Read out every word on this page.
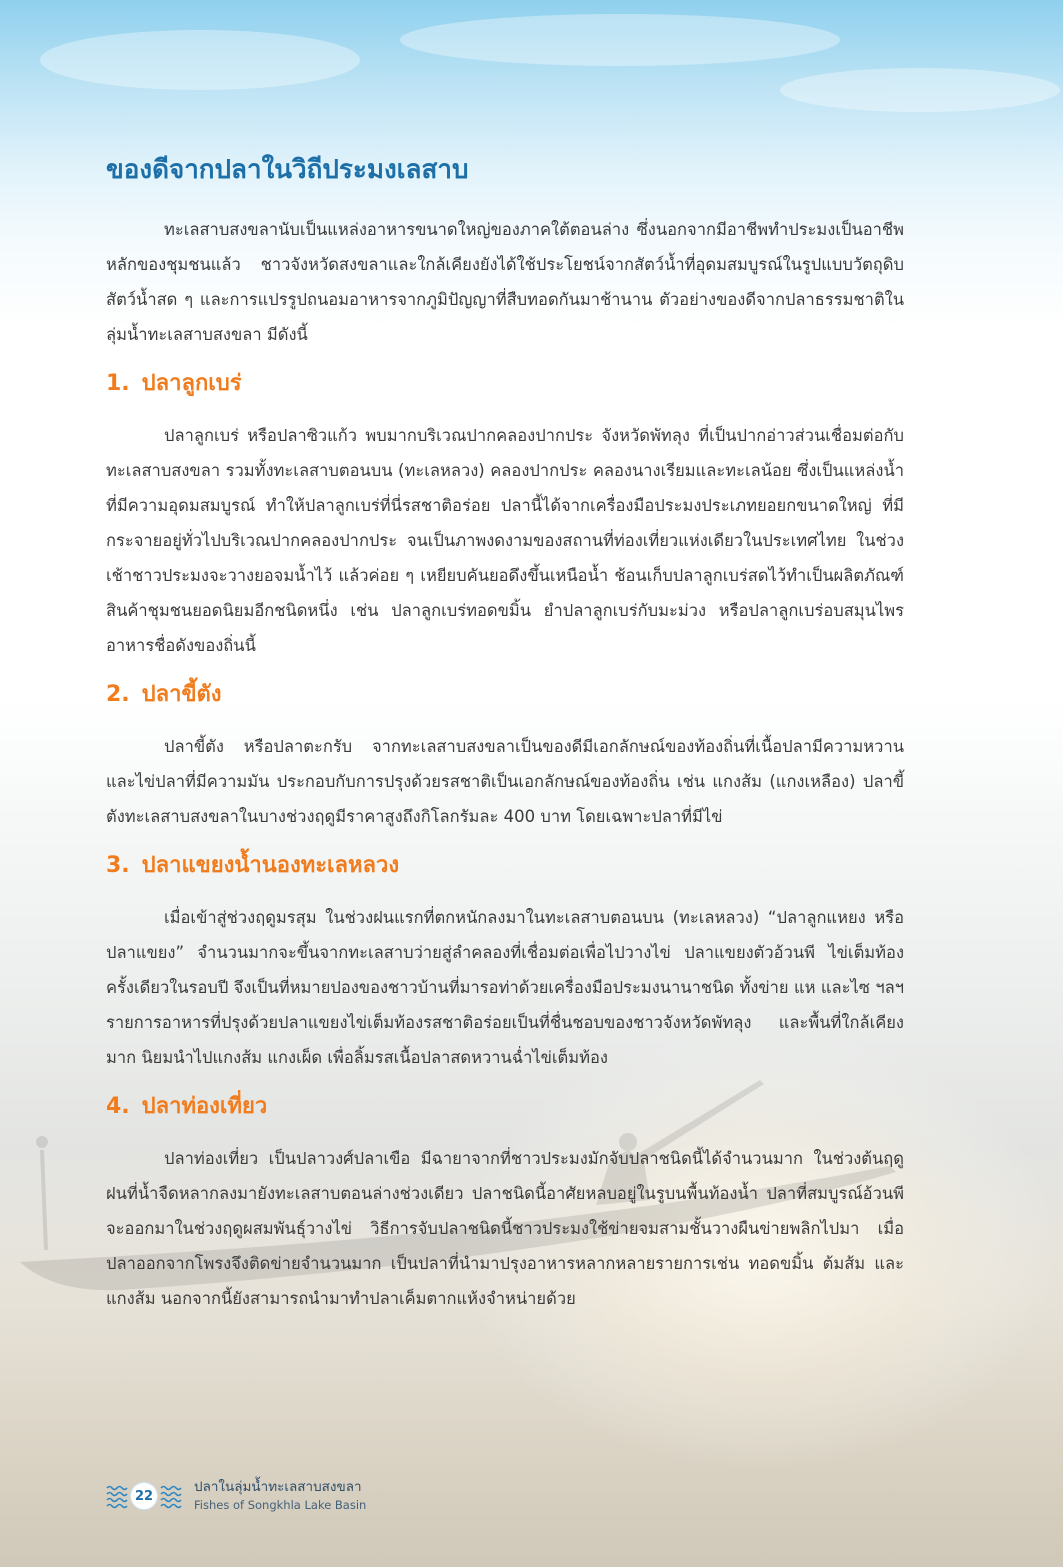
ของดีจากปลาในวิถีประมงเลสาบ

ทะเลสาบสงขลานับเป็นแหล่งอาหารขนาดใหญ่ของภาคใต้ตอนล่าง ซึ่งนอกจากมีอาชีพทำประมงเป็นอาชีพหลักของชุมชนแล้ว ชาวจังหวัดสงขลาและใกล้เคียงยังได้ใช้ประโยชน์จากสัตว์น้ำที่อุดมสมบูรณ์ในรูปแบบวัตถุดิบสัตว์น้ำสด ๆ และการแปรรูปถนอมอาหารจากภูมิปัญญาที่สืบทอดกันมาช้านาน ตัวอย่างของดีจากปลาธรรมชาติในลุ่มน้ำทะเลสาบสงขลา มีดังนี้

1. ปลาลูกเบร่

ปลาลูกเบร่ หรือปลาซิวแก้ว พบมากบริเวณปากคลองปากประ จังหวัดพัทลุง ที่เป็นปากอ่าวส่วนเชื่อมต่อกับทะเลสาบสงขลา รวมทั้งทะเลสาบตอนบน (ทะเลหลวง) คลองปากประ คลองนางเรียมและทะเลน้อย ซึ่งเป็นแหล่งน้ำที่มีความอุดมสมบูรณ์ ทำให้ปลาลูกเบร่ที่นี่รสชาติอร่อย ปลานี้ได้จากเครื่องมือประมงประเภทยอยกขนาดใหญ่ ที่มีกระจายอยู่ทั่วไปบริเวณปากคลองปากประ จนเป็นภาพงดงามของสถานที่ท่องเที่ยวแห่งเดียวในประเทศไทย ในช่วงเช้าชาวประมงจะวางยอจมน้ำไว้ แล้วค่อย ๆ เหยียบคันยอดึงขึ้นเหนือน้ำ ช้อนเก็บปลาลูกเบร่สดไว้ทำเป็นผลิตภัณฑ์สินค้าชุมชนยอดนิยมอีกชนิดหนึ่ง เช่น ปลาลูกเบร่ทอดขมิ้น ยำปลาลูกเบร่กับมะม่วง หรือปลาลูกเบร่อบสมุนไพร อาหารชื่อดังของถิ่นนี้

2. ปลาขี้ตัง

ปลาขี้ตัง หรือปลาตะกรับ จากทะเลสาบสงขลาเป็นของดีมีเอกลักษณ์ของท้องถิ่นที่เนื้อปลามีความหวาน และไข่ปลาที่มีความมัน ประกอบกับการปรุงด้วยรสชาติเป็นเอกลักษณ์ของท้องถิ่น เช่น แกงส้ม (แกงเหลือง) ปลาขี้ตังทะเลสาบสงขลาในบางช่วงฤดูมีราคาสูงถึงกิโลกรัมละ 400 บาท โดยเฉพาะปลาที่มีไข่

3. ปลาแขยงน้ำนองทะเลหลวง

เมื่อเข้าสู่ช่วงฤดูมรสุม ในช่วงฝนแรกที่ตกหนักลงมาในทะเลสาบตอนบน (ทะเลหลวง) “ปลาลูกแหยง หรือ ปลาแขยง” จำนวนมากจะขึ้นจากทะเลสาบว่ายสู่ลำคลองที่เชื่อมต่อเพื่อไปวางไข่ ปลาแขยงตัวอ้วนพี ไข่เต็มท้องครั้งเดียวในรอบปี จึงเป็นที่หมายปองของชาวบ้านที่มารอท่าด้วยเครื่องมือประมงนานาชนิด ทั้งข่าย แห และไซ ฯลฯ รายการอาหารที่ปรุงด้วยปลาแขยงไข่เต็มท้องรสชาติอร่อยเป็นที่ชื่นชอบของชาวจังหวัดพัทลุง และพื้นที่ใกล้เคียงมาก นิยมนำไปแกงส้ม แกงเผ็ด เพื่อลิ้มรสเนื้อปลาสดหวานฉ่ำไข่เต็มท้อง

4. ปลาท่องเที่ยว

ปลาท่องเที่ยว เป็นปลาวงศ์ปลาเขือ มีฉายาจากที่ชาวประมงมักจับปลาชนิดนี้ได้จำนวนมาก ในช่วงต้นฤดูฝนที่น้ำจืดหลากลงมายังทะเลสาบตอนล่างช่วงเดียว ปลาชนิดนี้อาศัยหลบอยู่ในรูบนพื้นท้องน้ำ ปลาที่สมบูรณ์อ้วนพีจะออกมาในช่วงฤดูผสมพันธุ์วางไข่ วิธีการจับปลาชนิดนี้ชาวประมงใช้ข่ายจมสามชั้นวางผืนข่ายพลิกไปมา เมื่อปลาออกจากโพรงจึงติดข่ายจำนวนมาก เป็นปลาที่นำมาปรุงอาหารหลากหลายรายการเช่น ทอดขมิ้น ต้มส้ม และแกงส้ม นอกจากนี้ยังสามารถนำมาทำปลาเค็มตากแห้งจำหน่ายด้วย

22
ปลาในลุ่มน้ำทะเลสาบสงขลา
Fishes of Songkhla Lake Basin
